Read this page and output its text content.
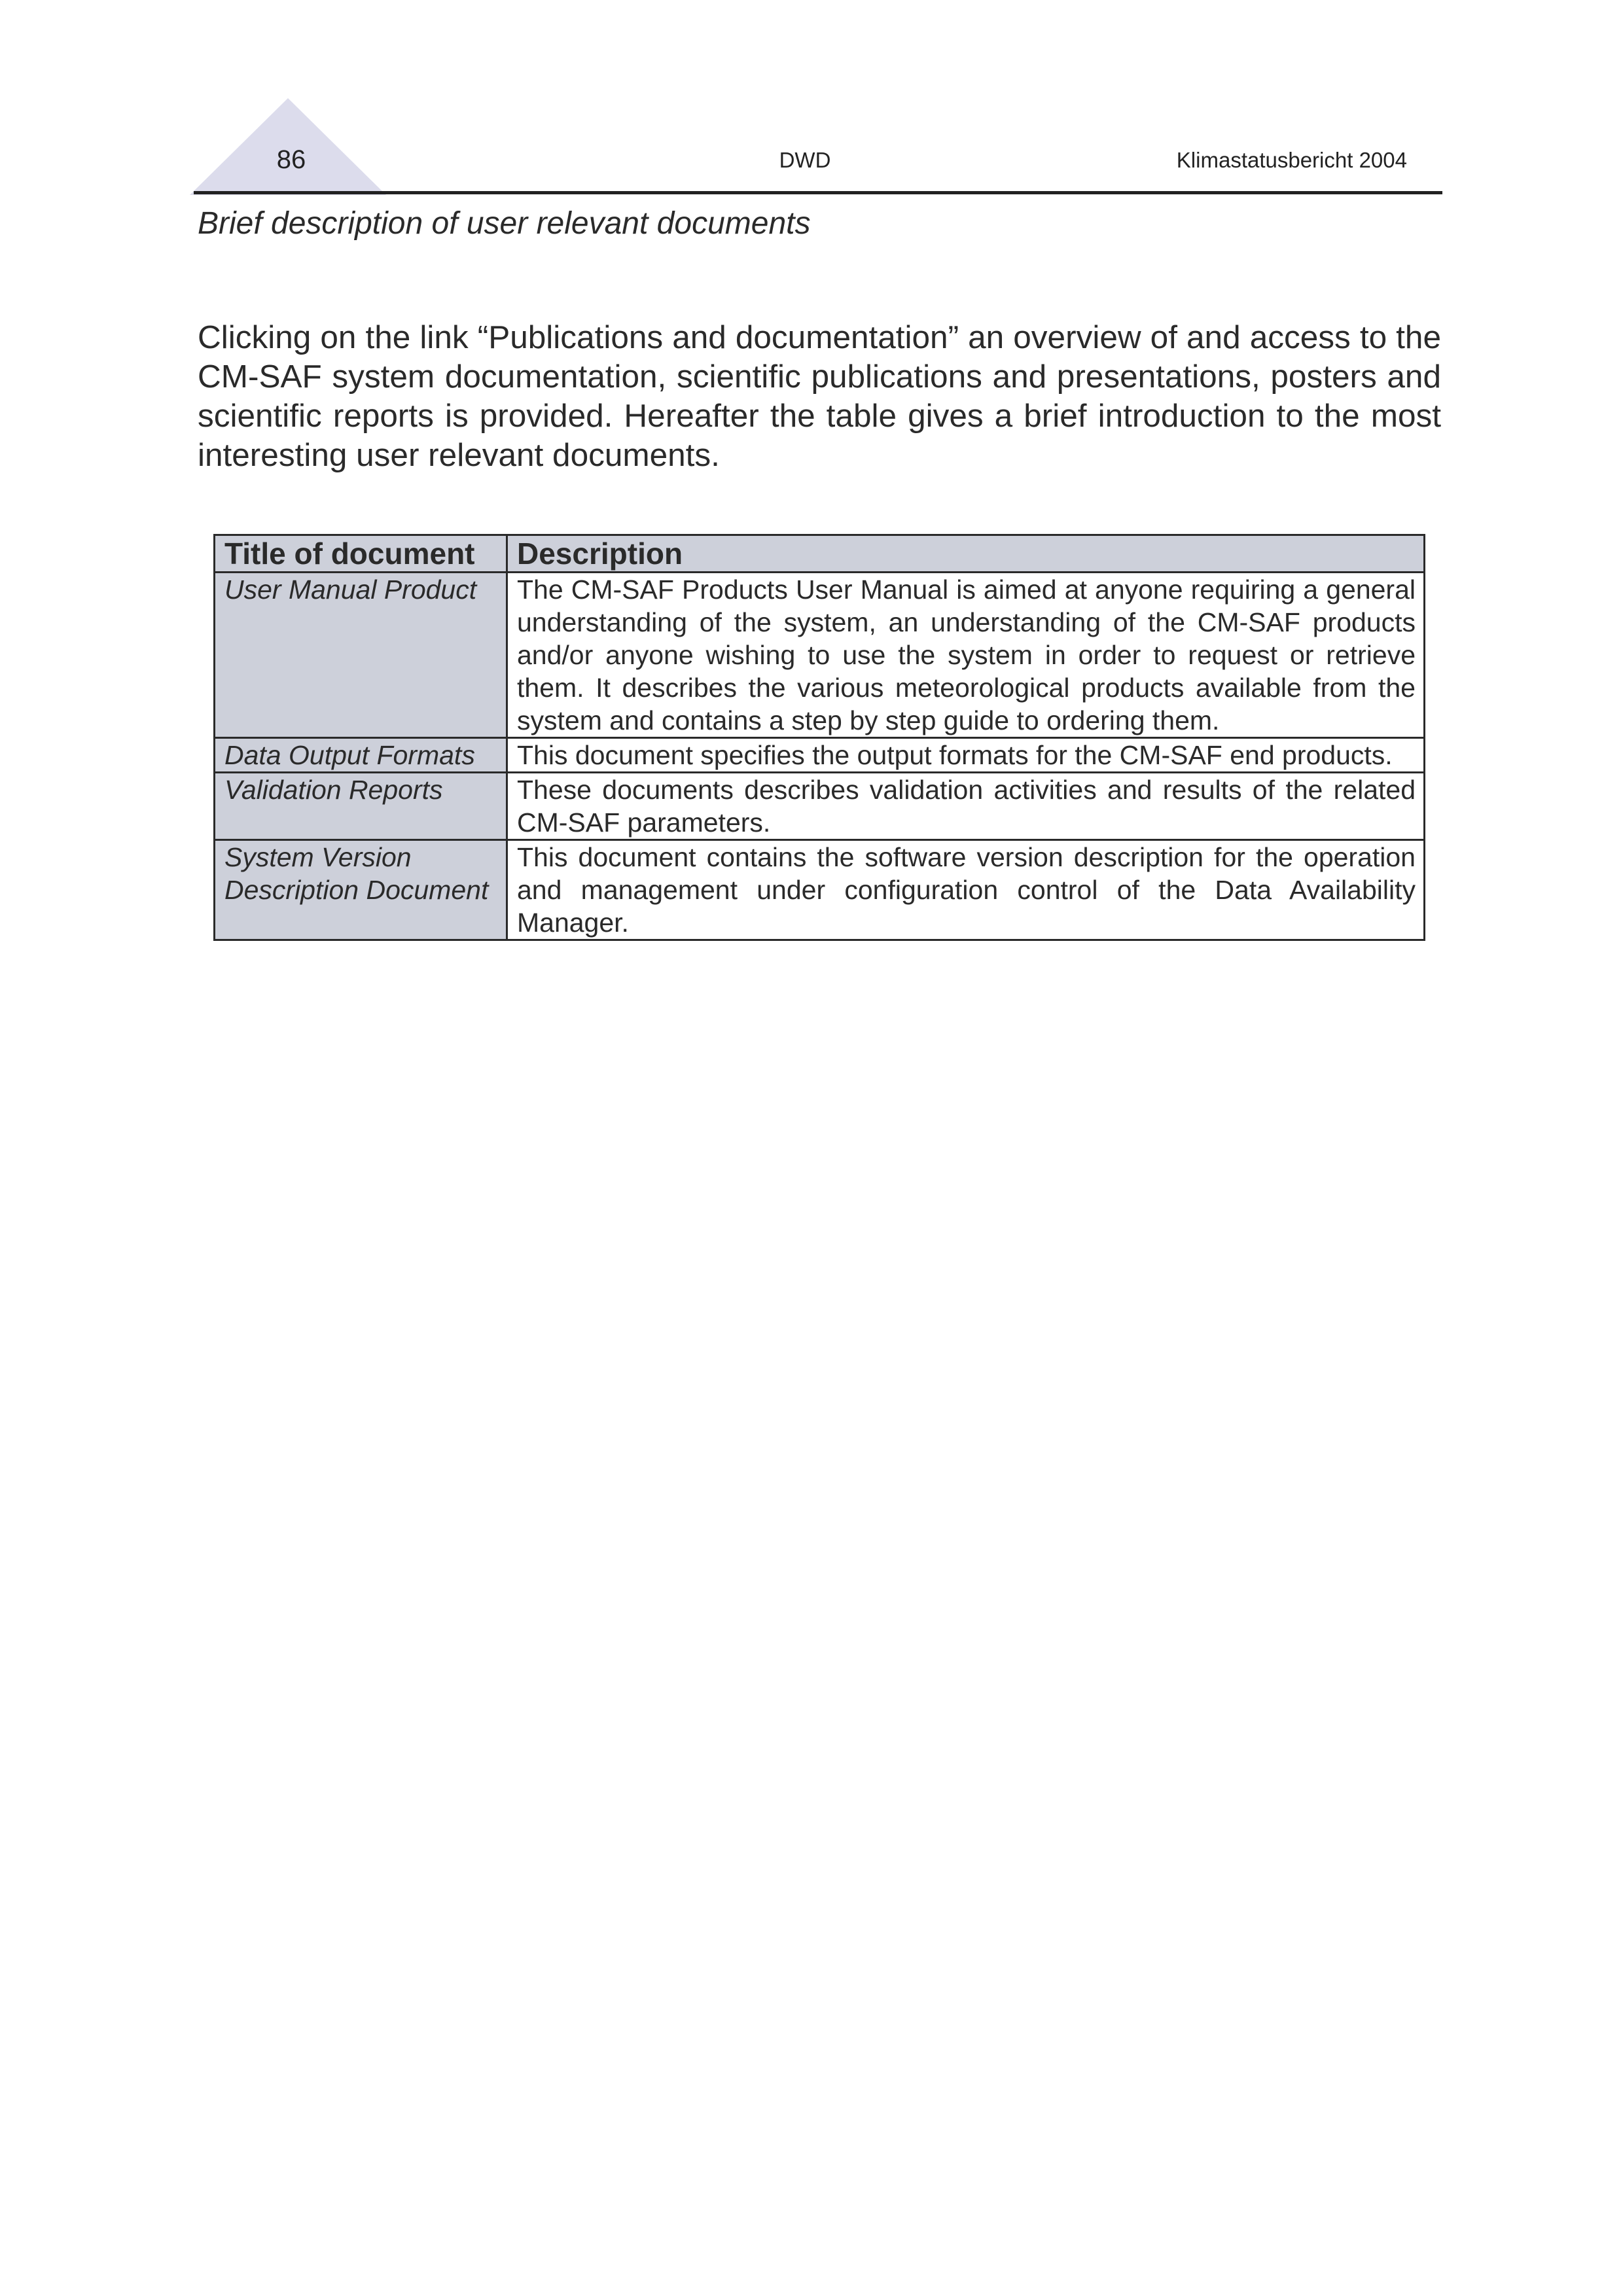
86	DWD	Klimastatusbericht 2004
Brief description of user relevant documents

Clicking on the link “Publications and documentation” an overview of and access to the CM-SAF system documentation, scientific publications and presentations, posters and scientific reports is provided. Hereafter the table gives a brief introduction to the most interesting user relevant documents.

Title of document	Description
User Manual Product	The CM-SAF Products User Manual is aimed at anyone requiring a general understanding of the system, an understanding of the CM-SAF products and/or anyone wishing to use the system in order to request or retrieve them. It describes the various meteorological products available from the system and contains a step by step guide to ordering them.
Data Output Formats	This document specifies the output formats for the CM-SAF end products.
Validation Reports	These documents describes validation activities and results of the related CM-SAF parameters.
System Version Description Document	This document contains the software version description for the operation and management under configuration control of the Data Availability Manager.
